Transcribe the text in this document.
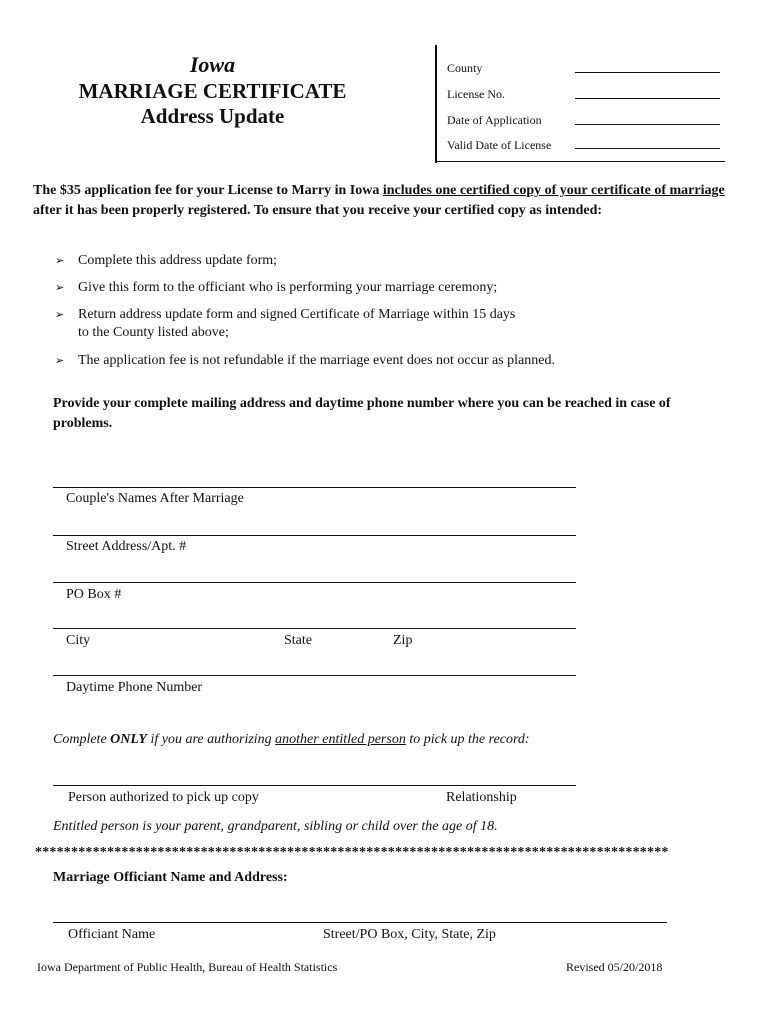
Iowa
MARRIAGE CERTIFICATE
Address Update
County
License No.
Date of Application
Valid Date of License
The $35 application fee for your License to Marry in Iowa includes one certified copy of your certificate of marriage after it has been properly registered. To ensure that you receive your certified copy as intended:
➢ Complete this address update form;
➢ Give this form to the officiant who is performing your marriage ceremony;
➢ Return address update form and signed Certificate of Marriage within 15 days
to the County listed above;
➢ The application fee is not refundable if the marriage event does not occur as planned.
Provide your complete mailing address and daytime phone number where you can be reached in case of problems.
Couple's Names After Marriage
Street Address/Apt. #
PO Box #
City	State	Zip
Daytime Phone Number
Complete ONLY if you are authorizing another entitled person to pick up the record:
Person authorized to pick up copy	Relationship
Entitled person is your parent, grandparent, sibling or child over the age of 18.
****************************************************************************************
Marriage Officiant Name and Address:
Officiant Name	Street/PO Box, City, State, Zip
Iowa Department of Public Health, Bureau of Health Statistics	Revised 05/20/2018
